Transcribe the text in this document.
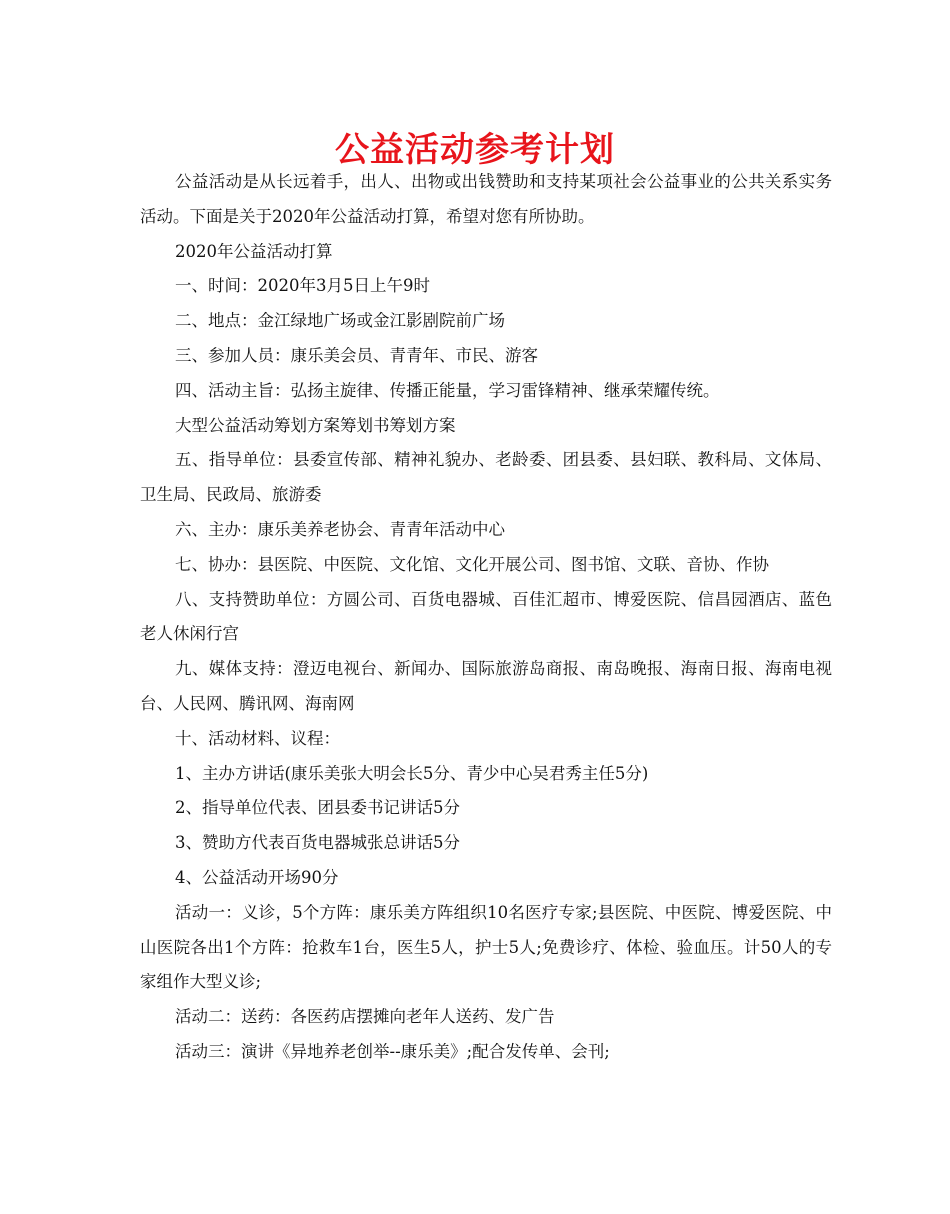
公益活动参考计划

公益活动是从长远着手，出人、出物或出钱赞助和支持某项社会公益事业的公共关系实务活动。下面是关于2020年公益活动打算，希望对您有所协助。

2020年公益活动打算

一、时间：2020年3月5日上午9时

二、地点：金江绿地广场或金江影剧院前广场

三、参加人员：康乐美会员、青青年、市民、游客

四、活动主旨：弘扬主旋律、传播正能量，学习雷锋精神、继承荣耀传统。

大型公益活动筹划方案筹划书筹划方案

五、指导单位：县委宣传部、精神礼貌办、老龄委、团县委、县妇联、教科局、文体局、卫生局、民政局、旅游委

六、主办：康乐美养老协会、青青年活动中心

七、协办：县医院、中医院、文化馆、文化开展公司、图书馆、文联、音协、作协

八、支持赞助单位：方圆公司、百货电器城、百佳汇超市、博爱医院、信昌园酒店、蓝色老人休闲行宫

九、媒体支持：澄迈电视台、新闻办、国际旅游岛商报、南岛晚报、海南日报、海南电视台、人民网、腾讯网、海南网

十、活动材料、议程：

1、主办方讲话(康乐美张大明会长5分、青少中心吴君秀主任5分)

2、指导单位代表、团县委书记讲话5分

3、赞助方代表百货电器城张总讲话5分

4、公益活动开场90分

活动一：义诊，5个方阵：康乐美方阵组织10名医疗专家;县医院、中医院、博爱医院、中山医院各出1个方阵：抢救车1台，医生5人，护士5人;免费诊疗、体检、验血压。计50人的专家组作大型义诊;

活动二：送药：各医药店摆摊向老年人送药、发广告

活动三：演讲《异地养老创举--康乐美》;配合发传单、会刊;
